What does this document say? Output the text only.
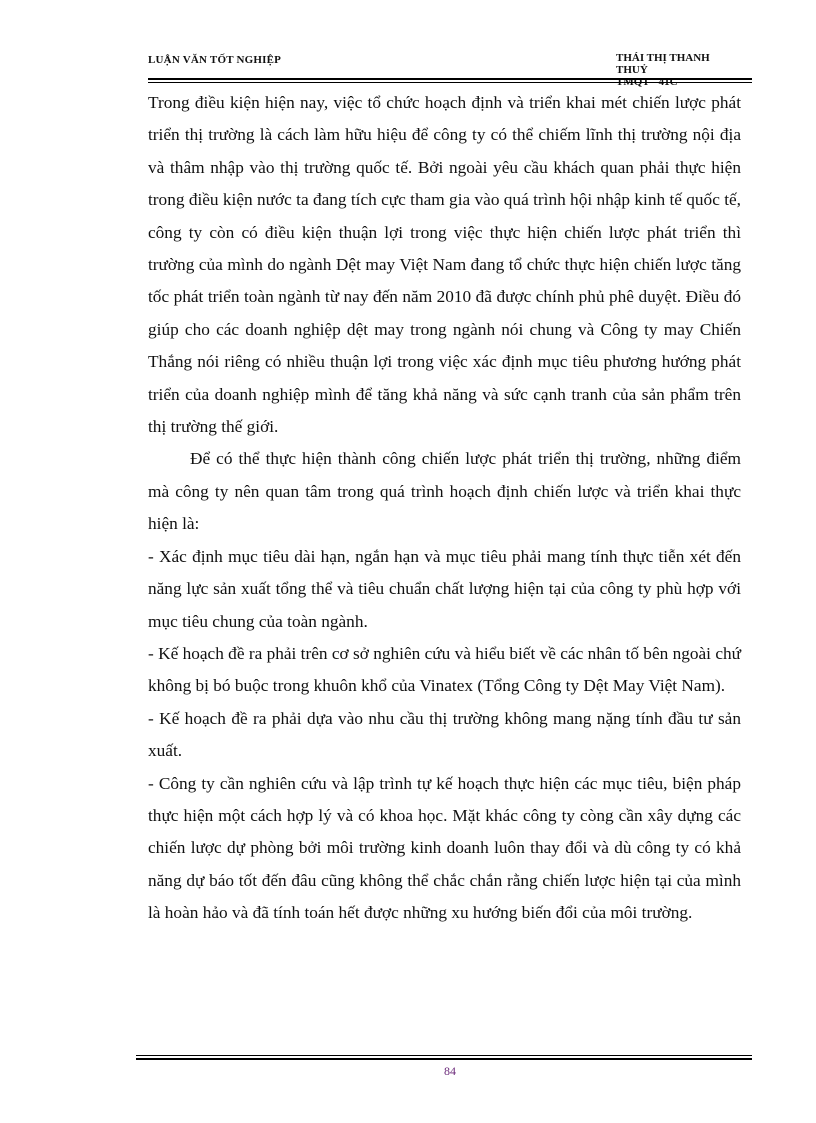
LUẬN VĂN TỐT NGHIỆP	THÁI THỊ THANH THUỶ
TMQT - 41C

Trong điều kiện hiện nay, việc tổ chức hoạch định và triển khai mét chiến lược phát triển thị trường là cách làm hữu hiệu để công ty có thể chiếm lĩnh thị trường nội địa và thâm nhập vào thị trường quốc tế. Bởi ngoài yêu cầu khách quan phải thực hiện trong điều kiện nước ta đang tích cực tham gia vào quá trình hội nhập kinh tế quốc tế, công ty còn có điều kiện thuận lợi trong việc thực hiện chiến lược phát triển thì trường của mình do ngành Dệt may Việt Nam đang tổ chức thực hiện chiến lược tăng tốc phát triển toàn ngành từ nay đến năm 2010 đã được chính phủ phê duyệt. Điều đó giúp cho các doanh nghiệp dệt may trong ngành nói chung và Công ty may Chiến Thắng nói riêng có nhiều thuận lợi trong việc xác định mục tiêu phương hướng phát triển của doanh nghiệp mình để tăng khả năng và sức cạnh tranh của sản phẩm trên thị trường thế giới.

Để có thể thực hiện thành công chiến lược phát triển thị trường, những điểm mà công ty nên quan tâm trong quá trình hoạch định chiến lược và triển khai thực hiện là:

- Xác định mục tiêu dài hạn, ngắn hạn và mục tiêu phải mang tính thực tiễn xét đến năng lực sản xuất tổng thể và tiêu chuẩn chất lượng hiện tại của công ty phù hợp với mục tiêu chung của toàn ngành.

- Kế hoạch đề ra phải trên cơ sở nghiên cứu và hiểu biết về các nhân tố bên ngoài chứ không bị bó buộc trong khuôn khổ của Vinatex (Tổng Công ty Dệt May Việt Nam).

- Kế hoạch đề ra phải dựa vào nhu cầu thị trường không mang nặng tính đầu tư sản xuất.

- Công ty cần nghiên cứu và lập trình tự kế hoạch thực hiện các mục tiêu, biện pháp thực hiện một cách hợp lý và có khoa học. Mặt khác công ty còng cần xây dựng các chiến lược dự phòng bởi môi trường kinh doanh luôn thay đổi và dù công ty có khả năng dự báo tốt đến đâu cũng không thể chắc chắn rằng chiến lược hiện tại của mình là hoàn hảo và đã tính toán hết được những xu hướng biến đổi của môi trường.

84
